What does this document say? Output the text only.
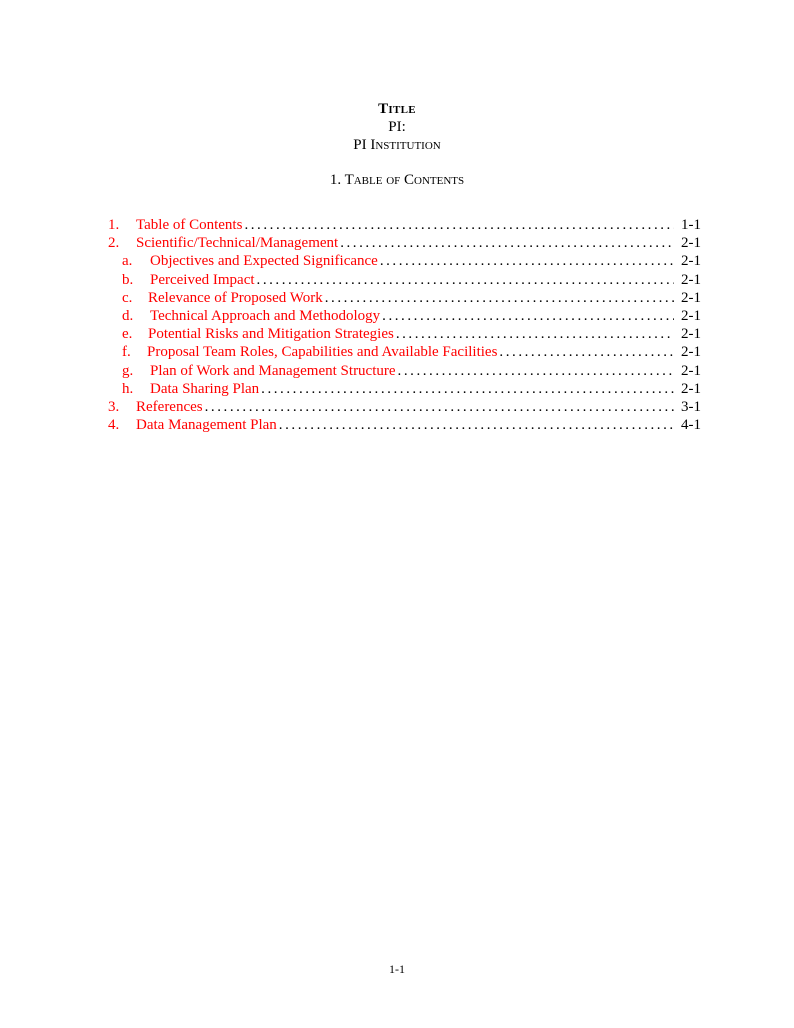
Title
PI:
PI Institution
1. Table of Contents
1.	Table of Contents . . .	1-1
2.	Scientific/Technical/Management . . .	2-1
a.	Objectives and Expected Significance . . .	2-1
b.	Perceived Impact . . .	2-1
c.	Relevance of Proposed Work . . .	2-1
d.	Technical Approach and Methodology . . .	2-1
e.	Potential Risks and Mitigation Strategies . . .	2-1
f.	Proposal Team Roles, Capabilities and Available Facilities . . .	2-1
g.	Plan of Work and Management Structure . . .	2-1
h.	Data Sharing Plan . . .	2-1
3.	References . . .	3-1
4.	Data Management Plan . . .	4-1
1-1
